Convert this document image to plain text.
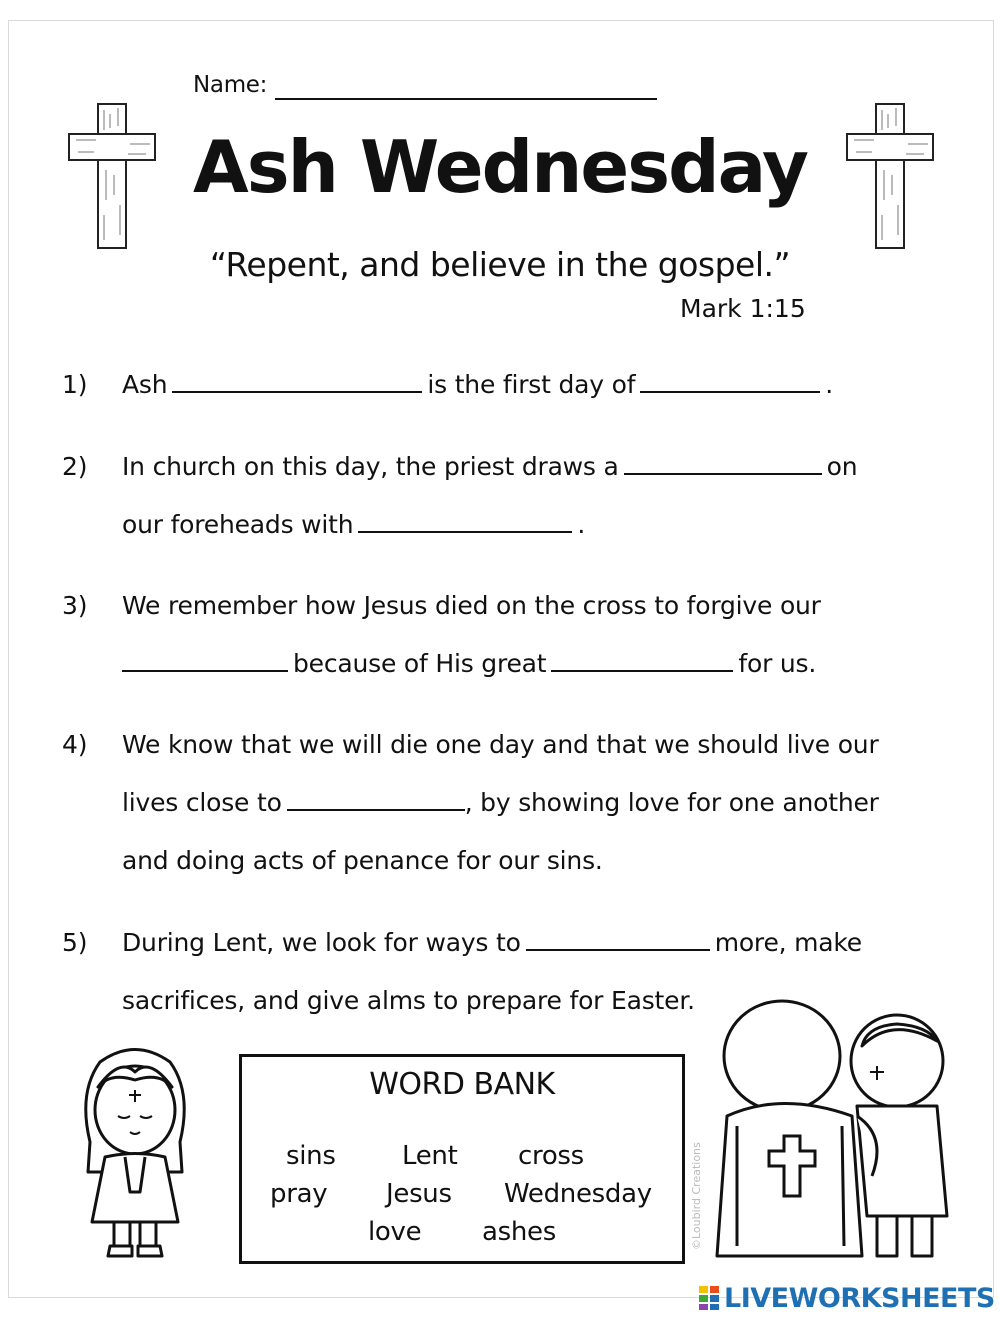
Name:
Ash Wednesday
“Repent, and believe in the gospel.”
Mark 1:15
1) Ash	is the first day of	.
2) In church on this day, the priest draws a	on
our foreheads with	.
3) We remember how Jesus died on the cross to forgive our
because of His great	for us.
4) We know that we will die one day and that we should live our
lives close to	, by showing love for one another
and doing acts of penance for our sins.
5) During Lent, we look for ways to	more, make
sacrifices, and give alms to prepare for Easter.
WORD BANK
sins	Lent cross
pray Jesus Wednesday
love ashes	©Loubird Creations
LIVEWORKSHEETS
